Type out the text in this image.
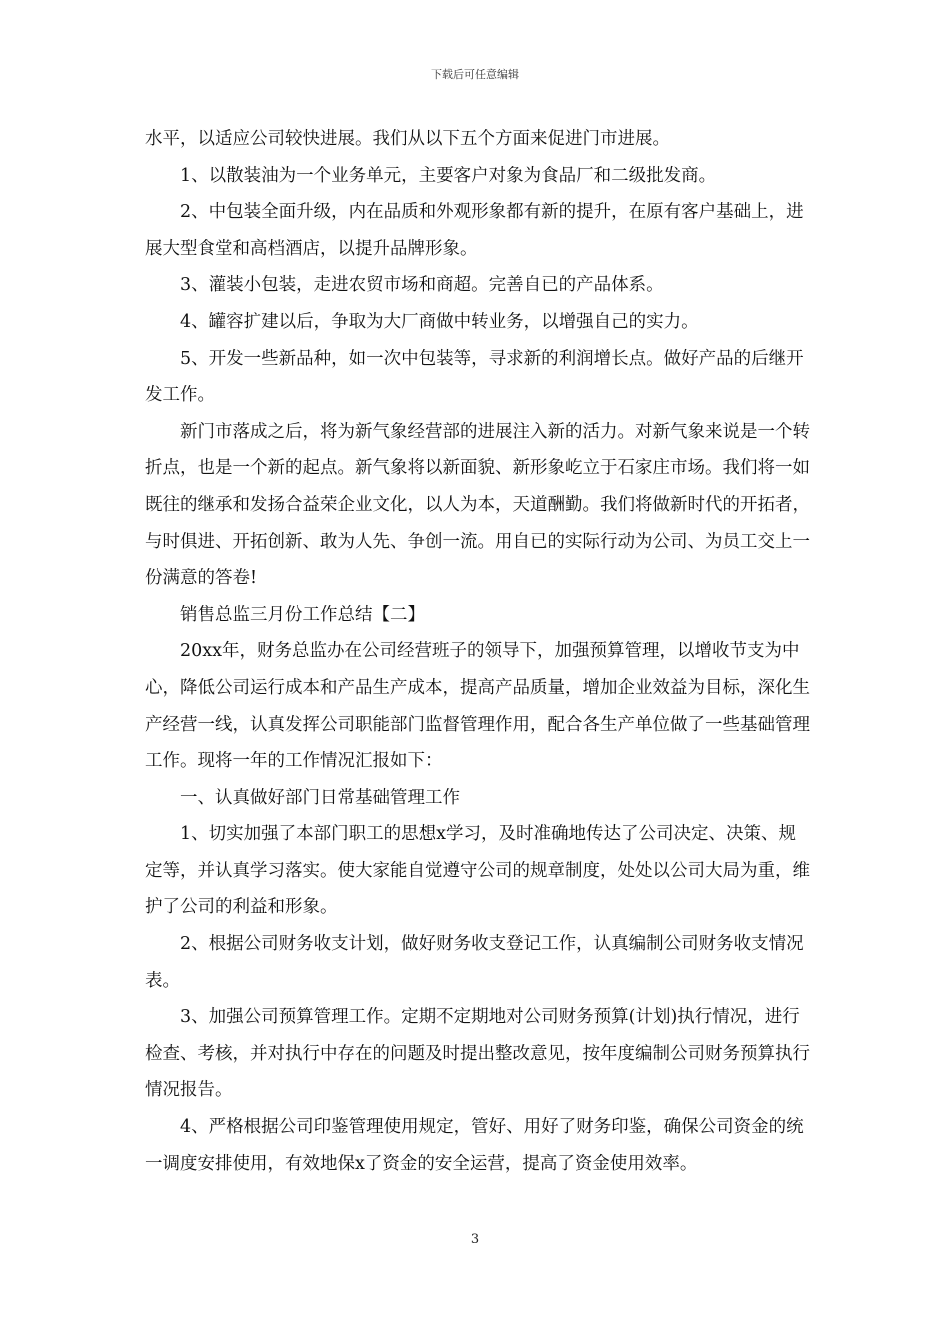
下载后可任意编辑

水平，以适应公司较快进展。我们从以下五个方面来促进门市进展。

1、以散装油为一个业务单元，主要客户对象为食品厂和二级批发商。

2、中包装全面升级，内在品质和外观形象都有新的提升，在原有客户基础上，进展大型食堂和高档酒店，以提升品牌形象。

3、灌装小包装，走进农贸市场和商超。完善自已的产品体系。

4、罐容扩建以后，争取为大厂商做中转业务，以增强自己的实力。

5、开发一些新品种，如一次中包装等，寻求新的利润增长点。做好产品的后继开发工作。

新门市落成之后，将为新气象经营部的进展注入新的活力。对新气象来说是一个转折点，也是一个新的起点。新气象将以新面貌、新形象屹立于石家庄市场。我们将一如既往的继承和发扬合益荣企业文化，以人为本，天道酬勤。我们将做新时代的开拓者，与时俱进、开拓创新、敢为人先、争创一流。用自已的实际行动为公司、为员工交上一份满意的答卷!

销售总监三月份工作总结【二】

20xx年，财务总监办在公司经营班子的领导下，加强预算管理，以增收节支为中心，降低公司运行成本和产品生产成本，提高产品质量，增加企业效益为目标，深化生产经营一线，认真发挥公司职能部门监督管理作用，配合各生产单位做了一些基础管理工作。现将一年的工作情况汇报如下：

一、认真做好部门日常基础管理工作

1、切实加强了本部门职工的思想x学习，及时准确地传达了公司决定、决策、规定等，并认真学习落实。使大家能自觉遵守公司的规章制度，处处以公司大局为重，维护了公司的利益和形象。

2、根据公司财务收支计划，做好财务收支登记工作，认真编制公司财务收支情况表。

3、加强公司预算管理工作。定期不定期地对公司财务预算(计划)执行情况，进行检查、考核，并对执行中存在的问题及时提出整改意见，按年度编制公司财务预算执行情况报告。

4、严格根据公司印鉴管理使用规定，管好、用好了财务印鉴，确保公司资金的统一调度安排使用，有效地保x了资金的安全运营，提高了资金使用效率。

3
